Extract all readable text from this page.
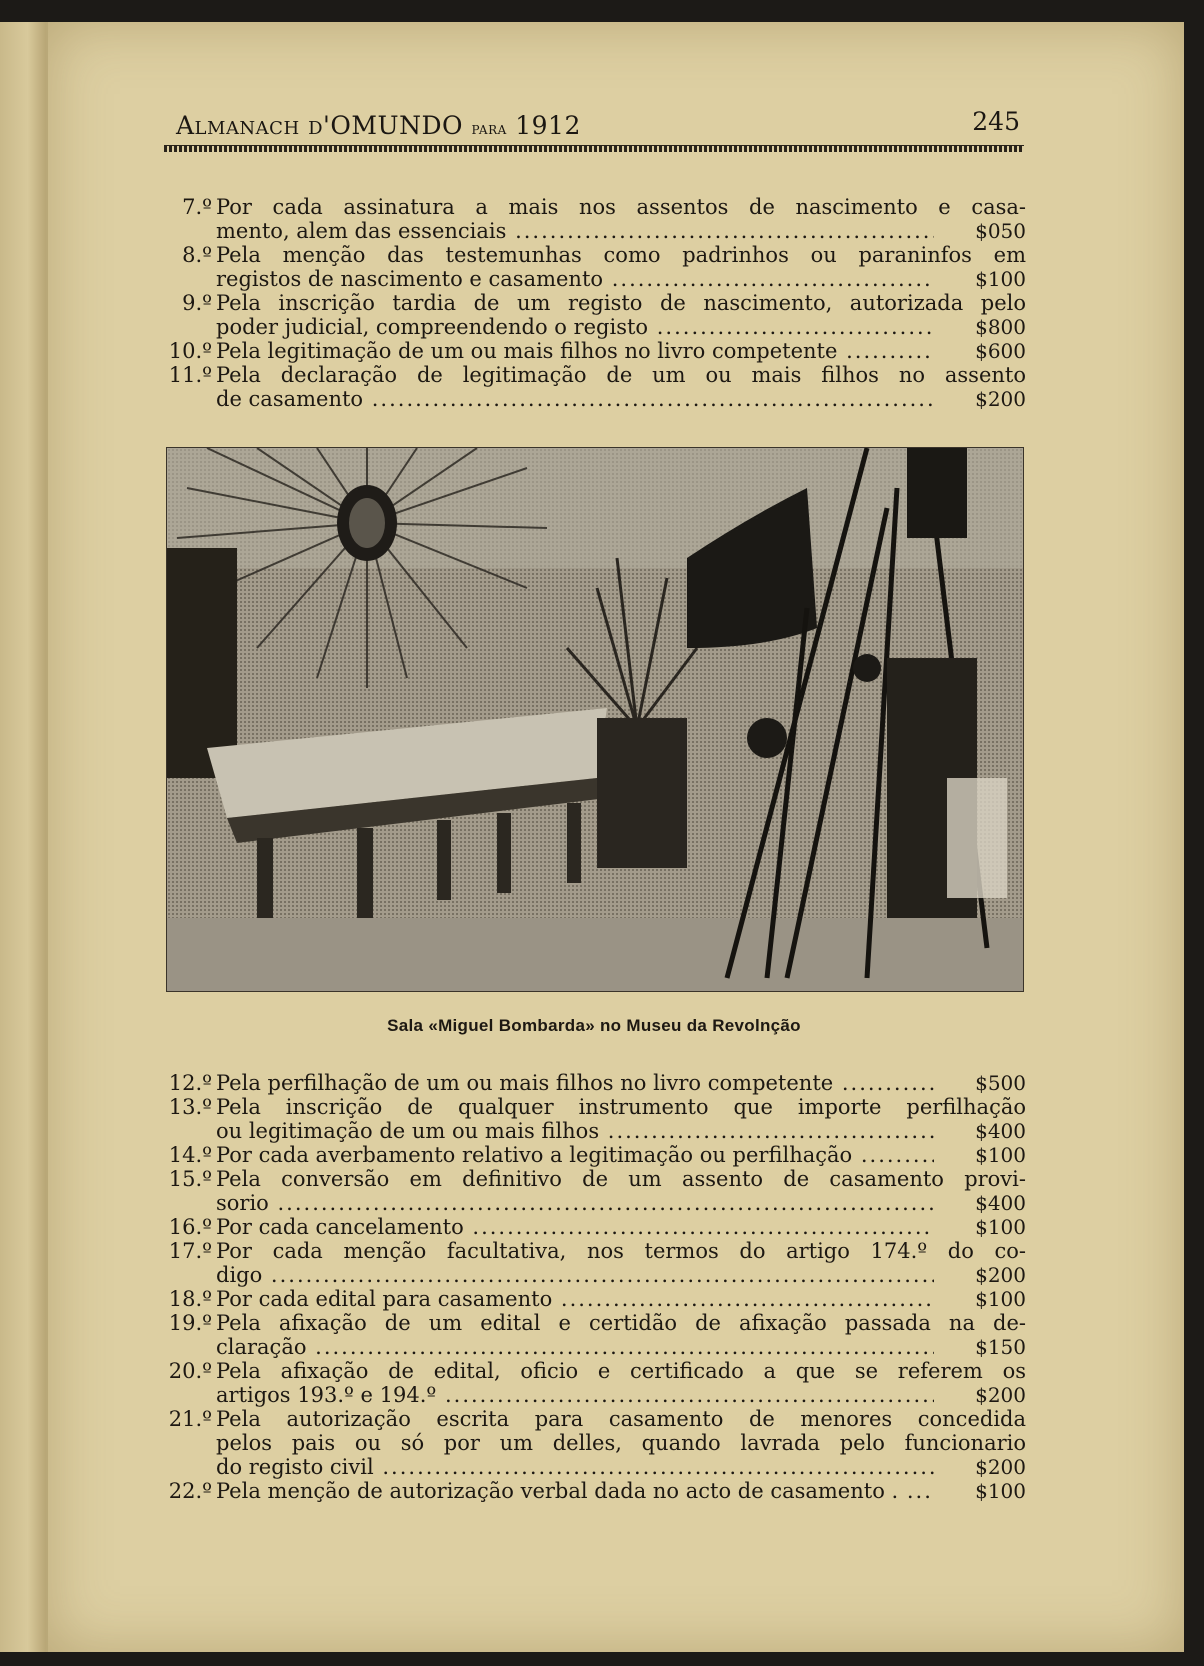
Almanach d'OMUNDO para 1912	245
7.º Por cada assinatura a mais nos assentos de nascimento e casa-
mento, alem das essenciais .....	$050
8.º Pela menção das testemunhas como padrinhos ou paraninfos em
registos de nascimento e casamento .....	$100
9.º Pela inscrição tardia de um registo de nascimento, autorizada pelo
poder judicial, compreendendo o registo .....	$800
10.º Pela legitimação de um ou mais filhos no livro competente .....	$600
11.º Pela declaração de legitimação de um ou mais filhos no assento
de casamento .....	$200
Sala «Miguel Bombarda» no Museu da Revolnção
12.º Pela perfilhação de um ou mais filhos no livro competente .....	$500
13.º Pela inscrição de qualquer instrumento que importe perfilhação
ou legitimação de um ou mais filhos .....	$400
14.º Por cada averbamento relativo a legitimação ou perfilhação .....	$100
15.º Pela conversão em definitivo de um assento de casamento provi-
sorio .....	$400
16.º Por cada cancelamento .....	$100
17.º Por cada menção facultativa, nos termos do artigo 174.º do co-
digo .....	$200
18.º Por cada edital para casamento .....	$100
19.º Pela afixação de um edital e certidão de afixação passada na de-
claração .....	$150
20.º Pela afixação de edital, oficio e certificado a que se referem os
artigos 193.º e 194.º .....	$200
21.º Pela autorização escrita para casamento de menores concedida
pelos pais ou só por um delles, quando lavrada pelo funcionario
do registo civil .....	$200
22.º Pela menção de autorização verbal dada no acto de casamento . .....	$100
